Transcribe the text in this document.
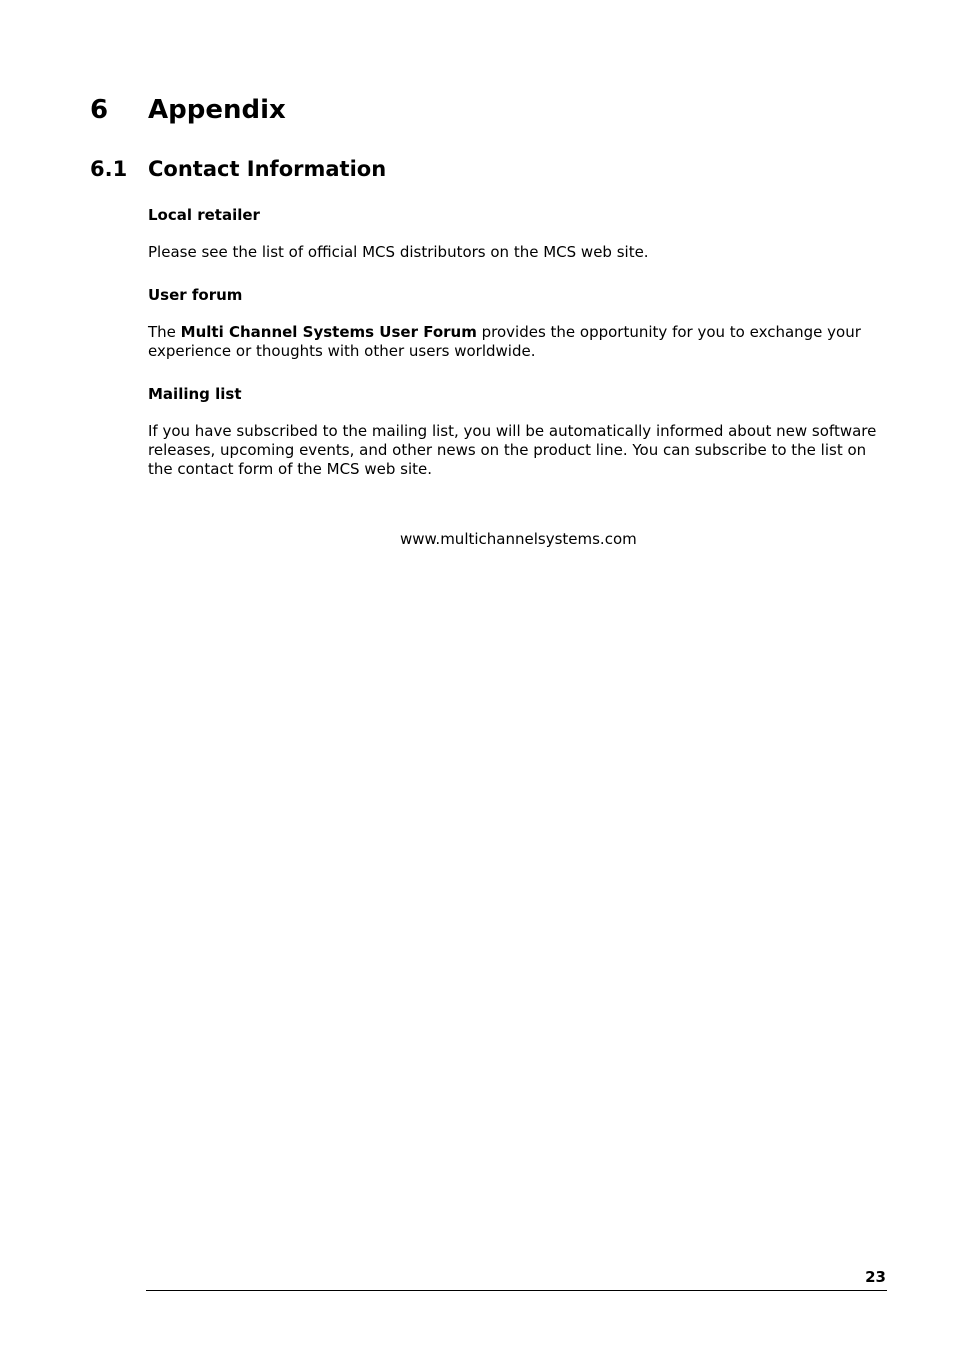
6 Appendix
6.1 Contact Information
Local retailer
Please see the list of official MCS distributors on the MCS web site.
User forum
The Multi Channel Systems User Forum provides the opportunity for you to exchange your
experience or thoughts with other users worldwide.
Mailing list
If you have subscribed to the mailing list, you will be automatically informed about new software
releases, upcoming events, and other news on the product line. You can subscribe to the list on
the contact form of the MCS web site.
www.multichannelsystems.com
23
